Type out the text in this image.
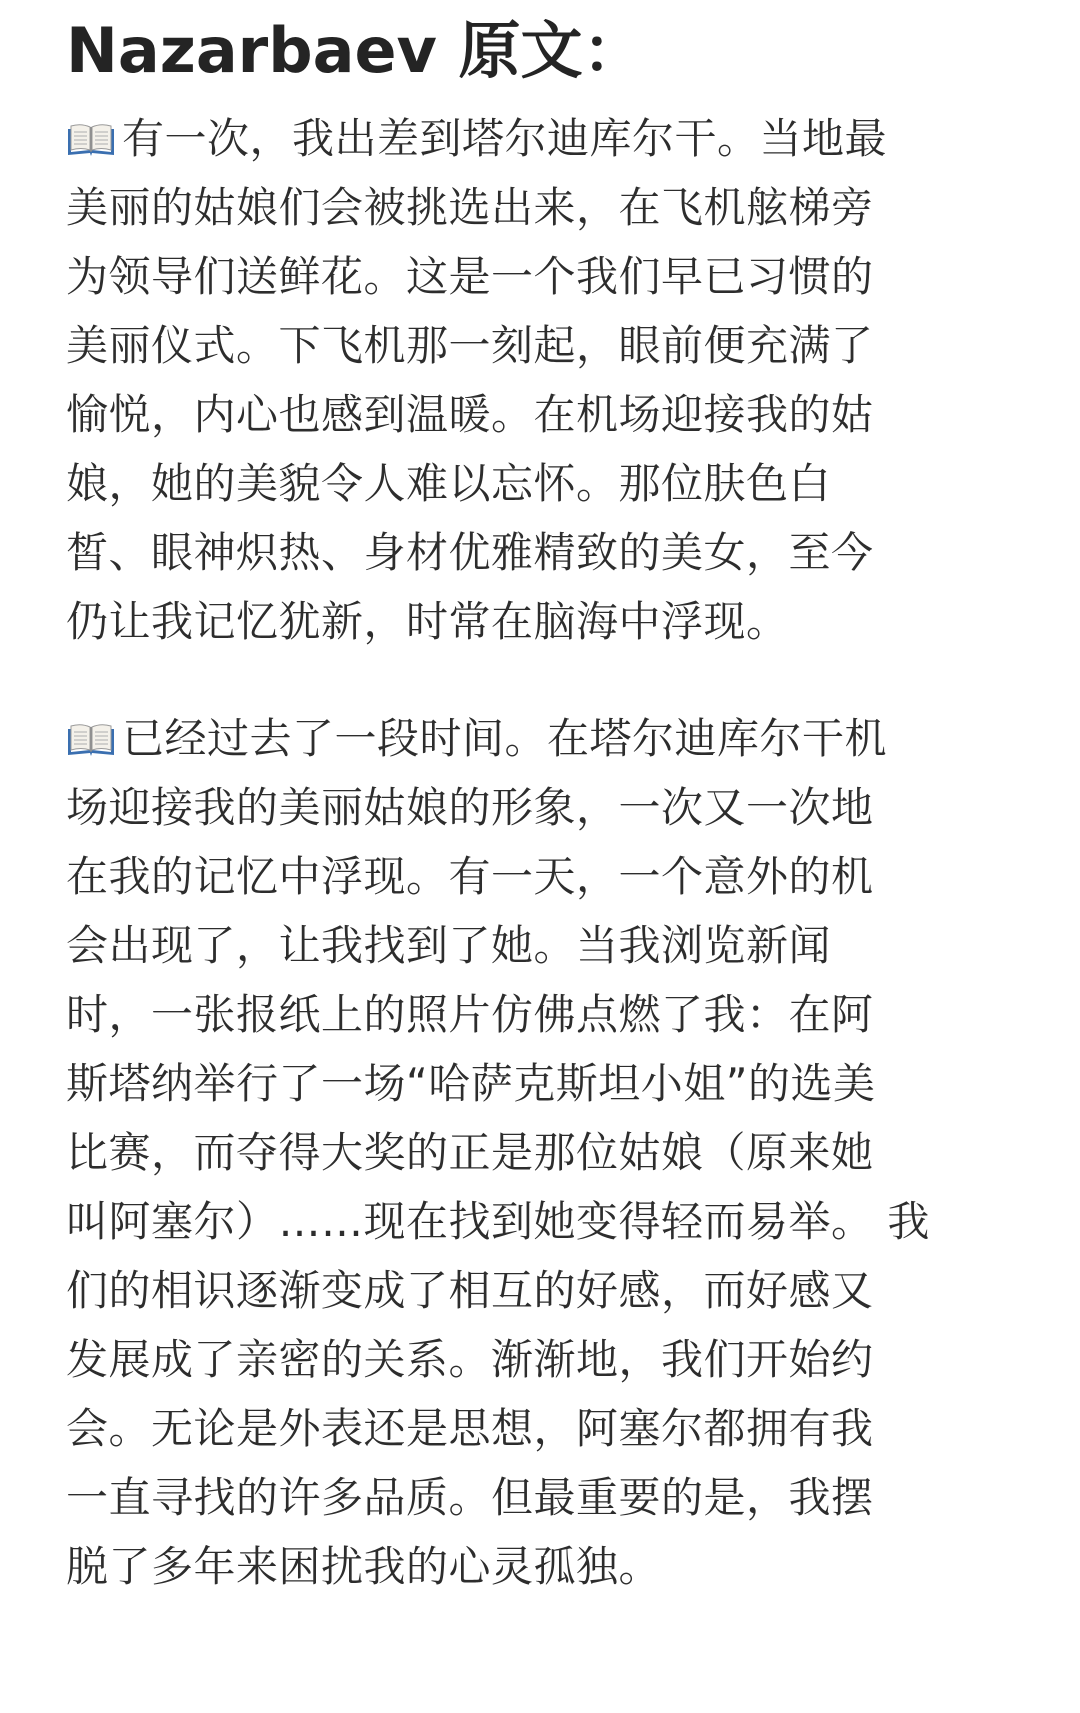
Nazarbaev 原文：
有一次，我出差到塔尔迪库尔干。当地最
美丽的姑娘们会被挑选出来，在飞机舷梯旁
为领导们送鲜花。这是一个我们早已习惯的
美丽仪式。下飞机那一刻起，眼前便充满了
愉悦，内心也感到温暖。在机场迎接我的姑
娘，她的美貌令人难以忘怀。那位肤色白
皙、眼神炽热、身材优雅精致的美女，至今
仍让我记忆犹新，时常在脑海中浮现。
已经过去了一段时间。在塔尔迪库尔干机
场迎接我的美丽姑娘的形象，一次又一次地
在我的记忆中浮现。有一天，一个意外的机
会出现了，让我找到了她。当我浏览新闻
时，一张报纸上的照片仿佛点燃了我：在阿
斯塔纳举行了一场“哈萨克斯坦小姐”的选美
比赛，而夺得大奖的正是那位姑娘（原来她
叫阿塞尔）……现在找到她变得轻而易举。 我
们的相识逐渐变成了相互的好感，而好感又
发展成了亲密的关系。渐渐地，我们开始约
会。无论是外表还是思想，阿塞尔都拥有我
一直寻找的许多品质。但最重要的是，我摆
脱了多年来困扰我的心灵孤独。
